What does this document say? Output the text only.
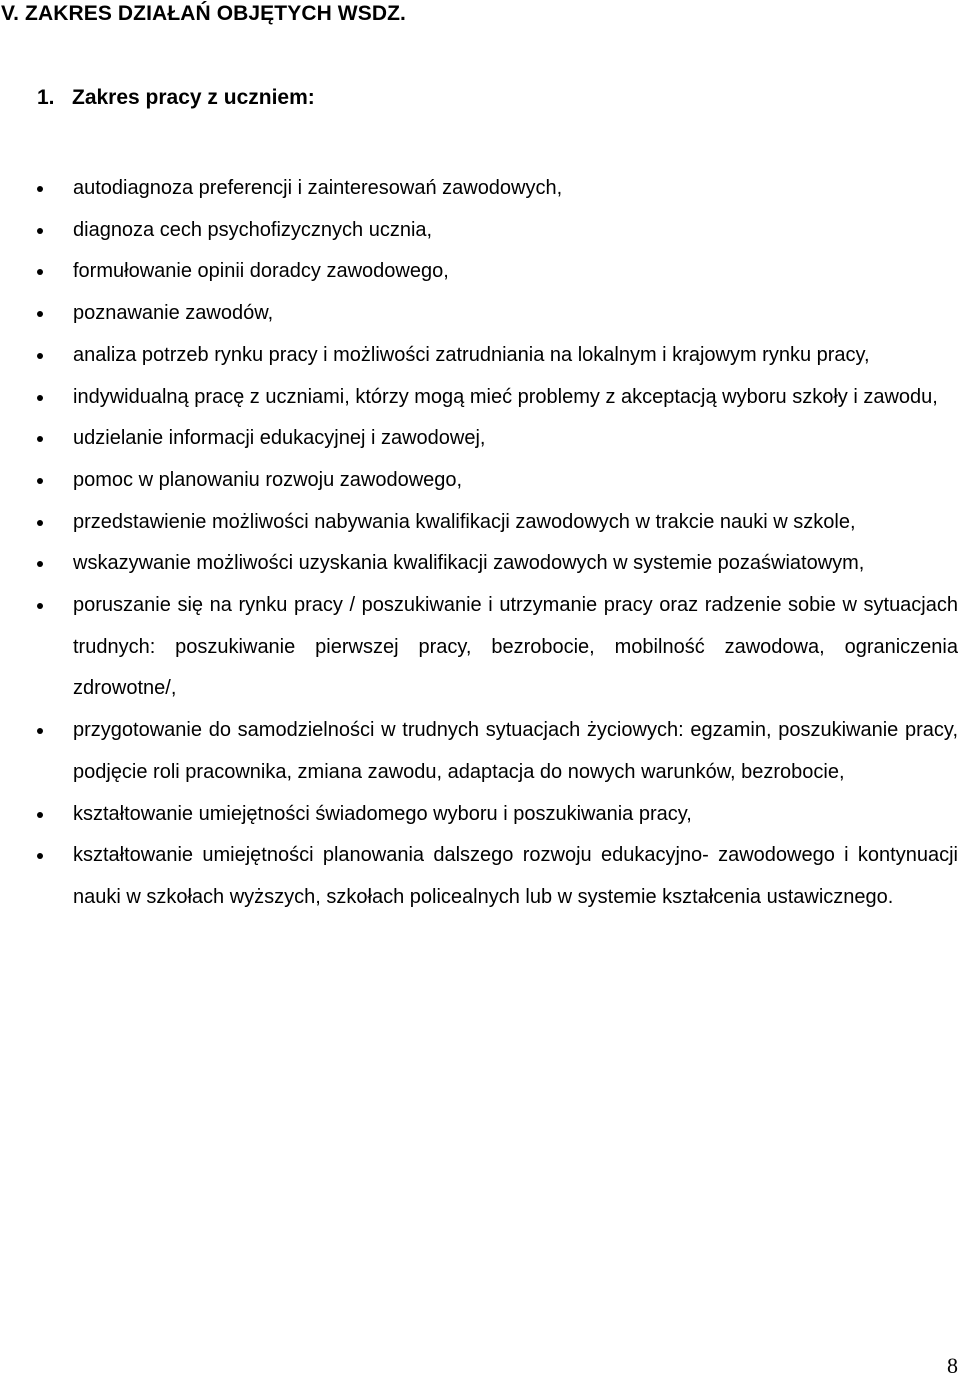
V. ZAKRES DZIAŁAŃ OBJĘTYCH WSDZ.
1. Zakres pracy z uczniem:
autodiagnoza preferencji i zainteresowań zawodowych,
diagnoza cech psychofizycznych ucznia,
formułowanie opinii doradcy zawodowego,
poznawanie zawodów,
analiza potrzeb rynku pracy i możliwości zatrudniania na lokalnym i krajowym rynku pracy,
indywidualną pracę z uczniami, którzy mogą mieć problemy z akceptacją wyboru szkoły i zawodu,
udzielanie informacji edukacyjnej i zawodowej,
pomoc w planowaniu rozwoju zawodowego,
przedstawienie możliwości nabywania kwalifikacji zawodowych w trakcie nauki w szkole,
wskazywanie możliwości uzyskania kwalifikacji zawodowych w systemie pozaświatowym,
poruszanie się na rynku pracy / poszukiwanie i utrzymanie pracy oraz radzenie sobie w sytuacjach trudnych: poszukiwanie pierwszej pracy, bezrobocie, mobilność zawodowa, ograniczenia zdrowotne/,
przygotowanie do samodzielności w trudnych sytuacjach życiowych: egzamin, poszukiwanie pracy, podjęcie roli pracownika, zmiana zawodu, adaptacja do nowych warunków, bezrobocie,
kształtowanie umiejętności świadomego wyboru i poszukiwania pracy,
kształtowanie umiejętności planowania dalszego rozwoju edukacyjno- zawodowego i kontynuacji nauki w szkołach wyższych, szkołach policealnych lub w systemie kształcenia ustawicznego.
8
